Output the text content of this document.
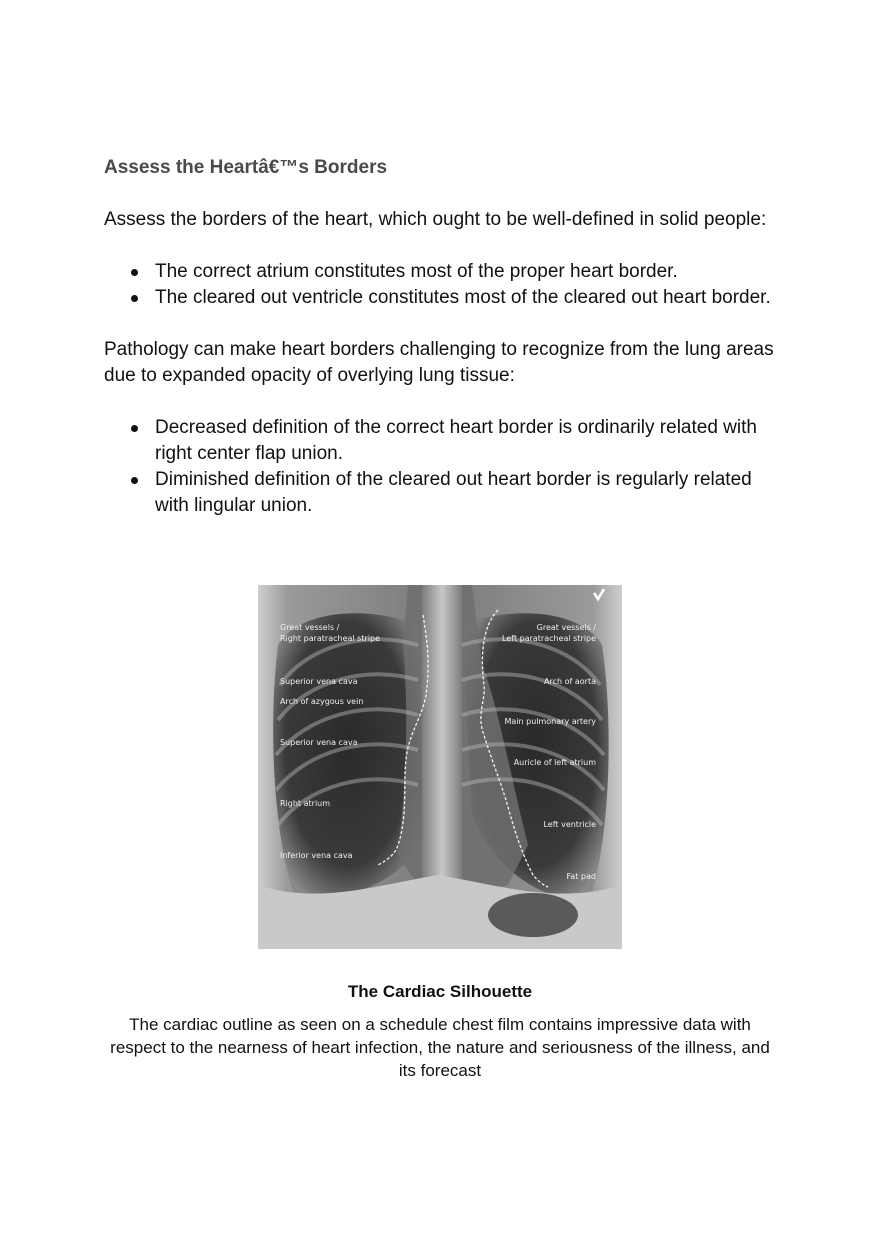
Assess the Heartâ€™s Borders

Assess the borders of the heart, which ought to be well-defined in solid people:

The correct atrium constitutes most of the proper heart border.
The cleared out ventricle constitutes most of the cleared out heart border.

Pathology can make heart borders challenging to recognize from the lung areas due to expanded opacity of overlying lung tissue:

Decreased definition of the correct heart border is ordinarily related with right center flap union.
Diminished definition of the cleared out heart border is regularly related with lingular union.
Great vessels /
Right paratracheal stripe
Superior vena cava
Arch of azygous vein
Superior vena cava
Right atrium
Inferior vena cava
Great vessels /
Left paratracheal stripe
Arch of aorta
Main pulmonary artery
Auricle of left atrium
Left ventricle
Fat pad
The Cardiac Silhouette
The cardiac outline as seen on a schedule chest film contains impressive data with respect to the nearness of heart infection, the nature and seriousness of the illness, and its forecast
